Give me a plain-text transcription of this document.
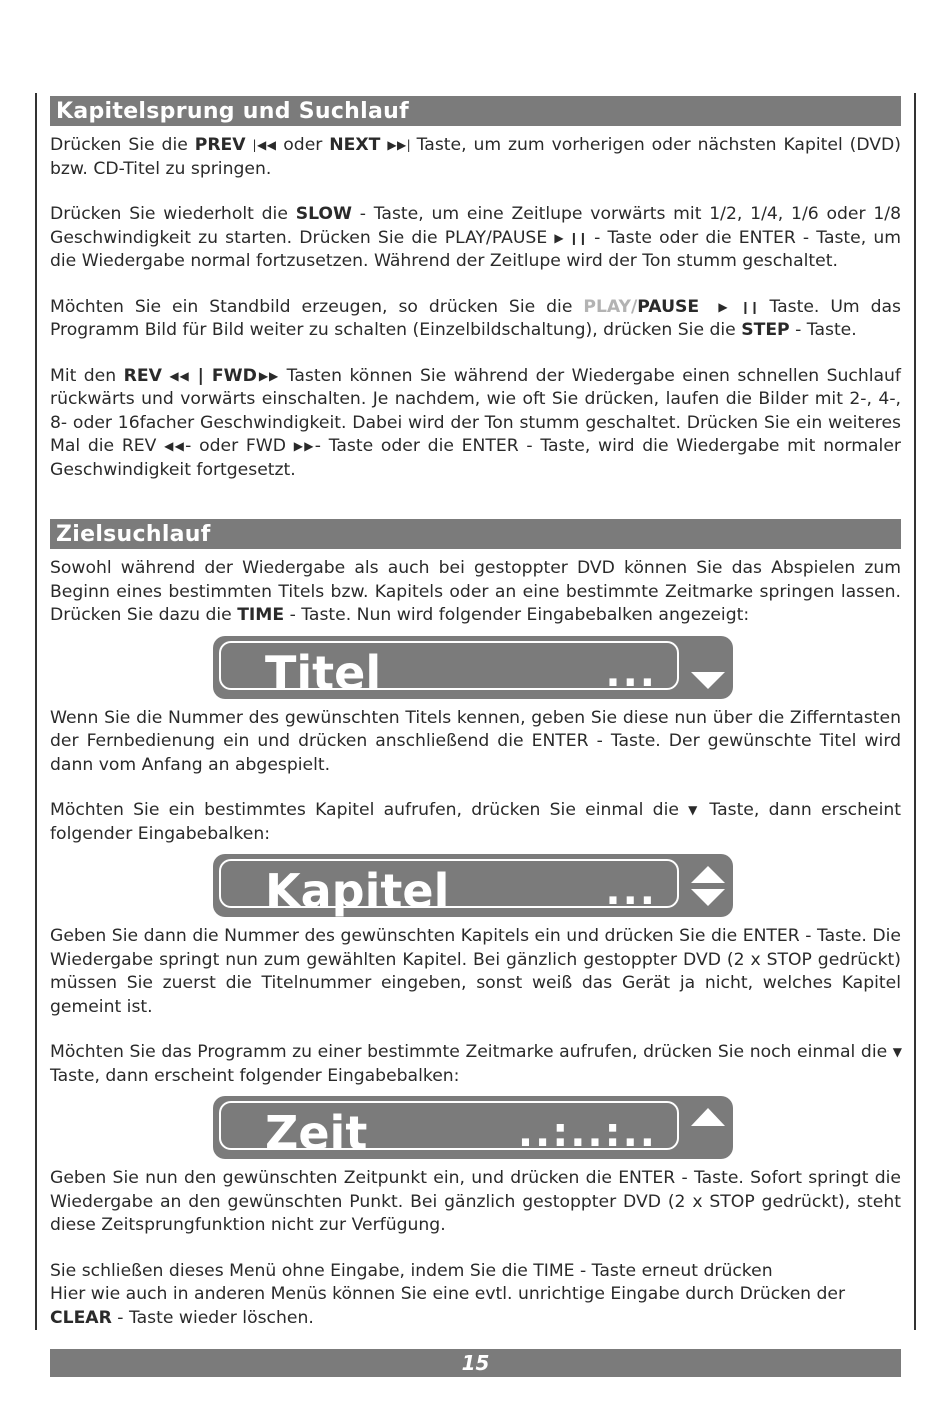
Kapitelsprung und Suchlauf

Drücken Sie die PREV |◀◀ oder NEXT ▶▶| Taste, um zum vorherigen oder nächsten Kapitel (DVD) bzw. CD-Titel zu springen.

Drücken Sie wiederholt die SLOW - Taste, um eine Zeitlupe vorwärts mit 1/2, 1/4, 1/6 oder 1/8 Geschwindigkeit zu starten. Drücken Sie die PLAY/PAUSE ▶ ❙❙ - Taste oder die ENTER - Taste, um die Wiedergabe normal fortzusetzen. Während der Zeitlupe wird der Ton stumm geschaltet.

Möchten Sie ein Standbild erzeugen, so drücken Sie die PLAY/PAUSE  ▶ ❙❙ Taste. Um das Programm Bild für Bild weiter zu schalten (Einzelbildschaltung), drücken Sie die STEP - Taste.

Mit den REV ◀◀ | FWD▶▶ Tasten können Sie während der Wiedergabe einen schnellen Suchlauf rückwärts und vorwärts einschalten. Je nachdem, wie oft Sie drücken, laufen die Bilder mit 2-, 4-, 8- oder 16facher Geschwindigkeit. Dabei wird der Ton stumm geschaltet. Drücken Sie ein weiteres Mal die REV ◀◀- oder FWD ▶▶- Taste oder die ENTER - Taste, wird die Wiedergabe mit normaler Geschwindigkeit fortgesetzt.

Zielsuchlauf

Sowohl während der Wiedergabe als auch bei gestoppter DVD können Sie das Abspielen zum Beginn eines bestimmten Titels bzw. Kapitels oder an eine bestimmte Zeitmarke springen lassen. Drücken Sie dazu die TIME - Taste. Nun wird folgender Eingabebalken angezeigt:

Titel	...

Wenn Sie die Nummer des gewünschten Titels kennen, geben Sie diese nun über die Zifferntasten der Fernbedienung ein und drücken anschließend die ENTER - Taste. Der gewünschte Titel wird dann vom Anfang an abgespielt.

Möchten Sie ein bestimmtes Kapitel aufrufen, drücken Sie einmal die ▼ Taste, dann erscheint folgender Eingabebalken:

Kapitel	...

Geben Sie dann die Nummer des gewünschten Kapitels ein und drücken Sie die ENTER - Taste. Die Wiedergabe springt nun zum gewählten Kapitel. Bei gänzlich gestoppter DVD (2 x STOP gedrückt) müssen Sie zuerst die Titelnummer eingeben, sonst weiß das Gerät ja nicht, welches Kapitel gemeint ist.

Möchten Sie das Programm zu einer bestimmte Zeitmarke aufrufen, drücken Sie noch einmal die ▼ Taste, dann erscheint folgender Eingabebalken:

Zeit	..:..:..

Geben Sie nun den gewünschten Zeitpunkt ein, und drücken die ENTER - Taste. Sofort springt die Wiedergabe an den gewünschten Punkt. Bei gänzlich gestoppter DVD (2 x STOP gedrückt), steht diese Zeitsprungfunktion nicht zur Verfügung.

Sie schließen dieses Menü ohne Eingabe, indem Sie die TIME - Taste erneut drücken
Hier wie auch in anderen Menüs können Sie eine evtl. unrichtige Eingabe durch Drücken der CLEAR - Taste wieder löschen.

15
